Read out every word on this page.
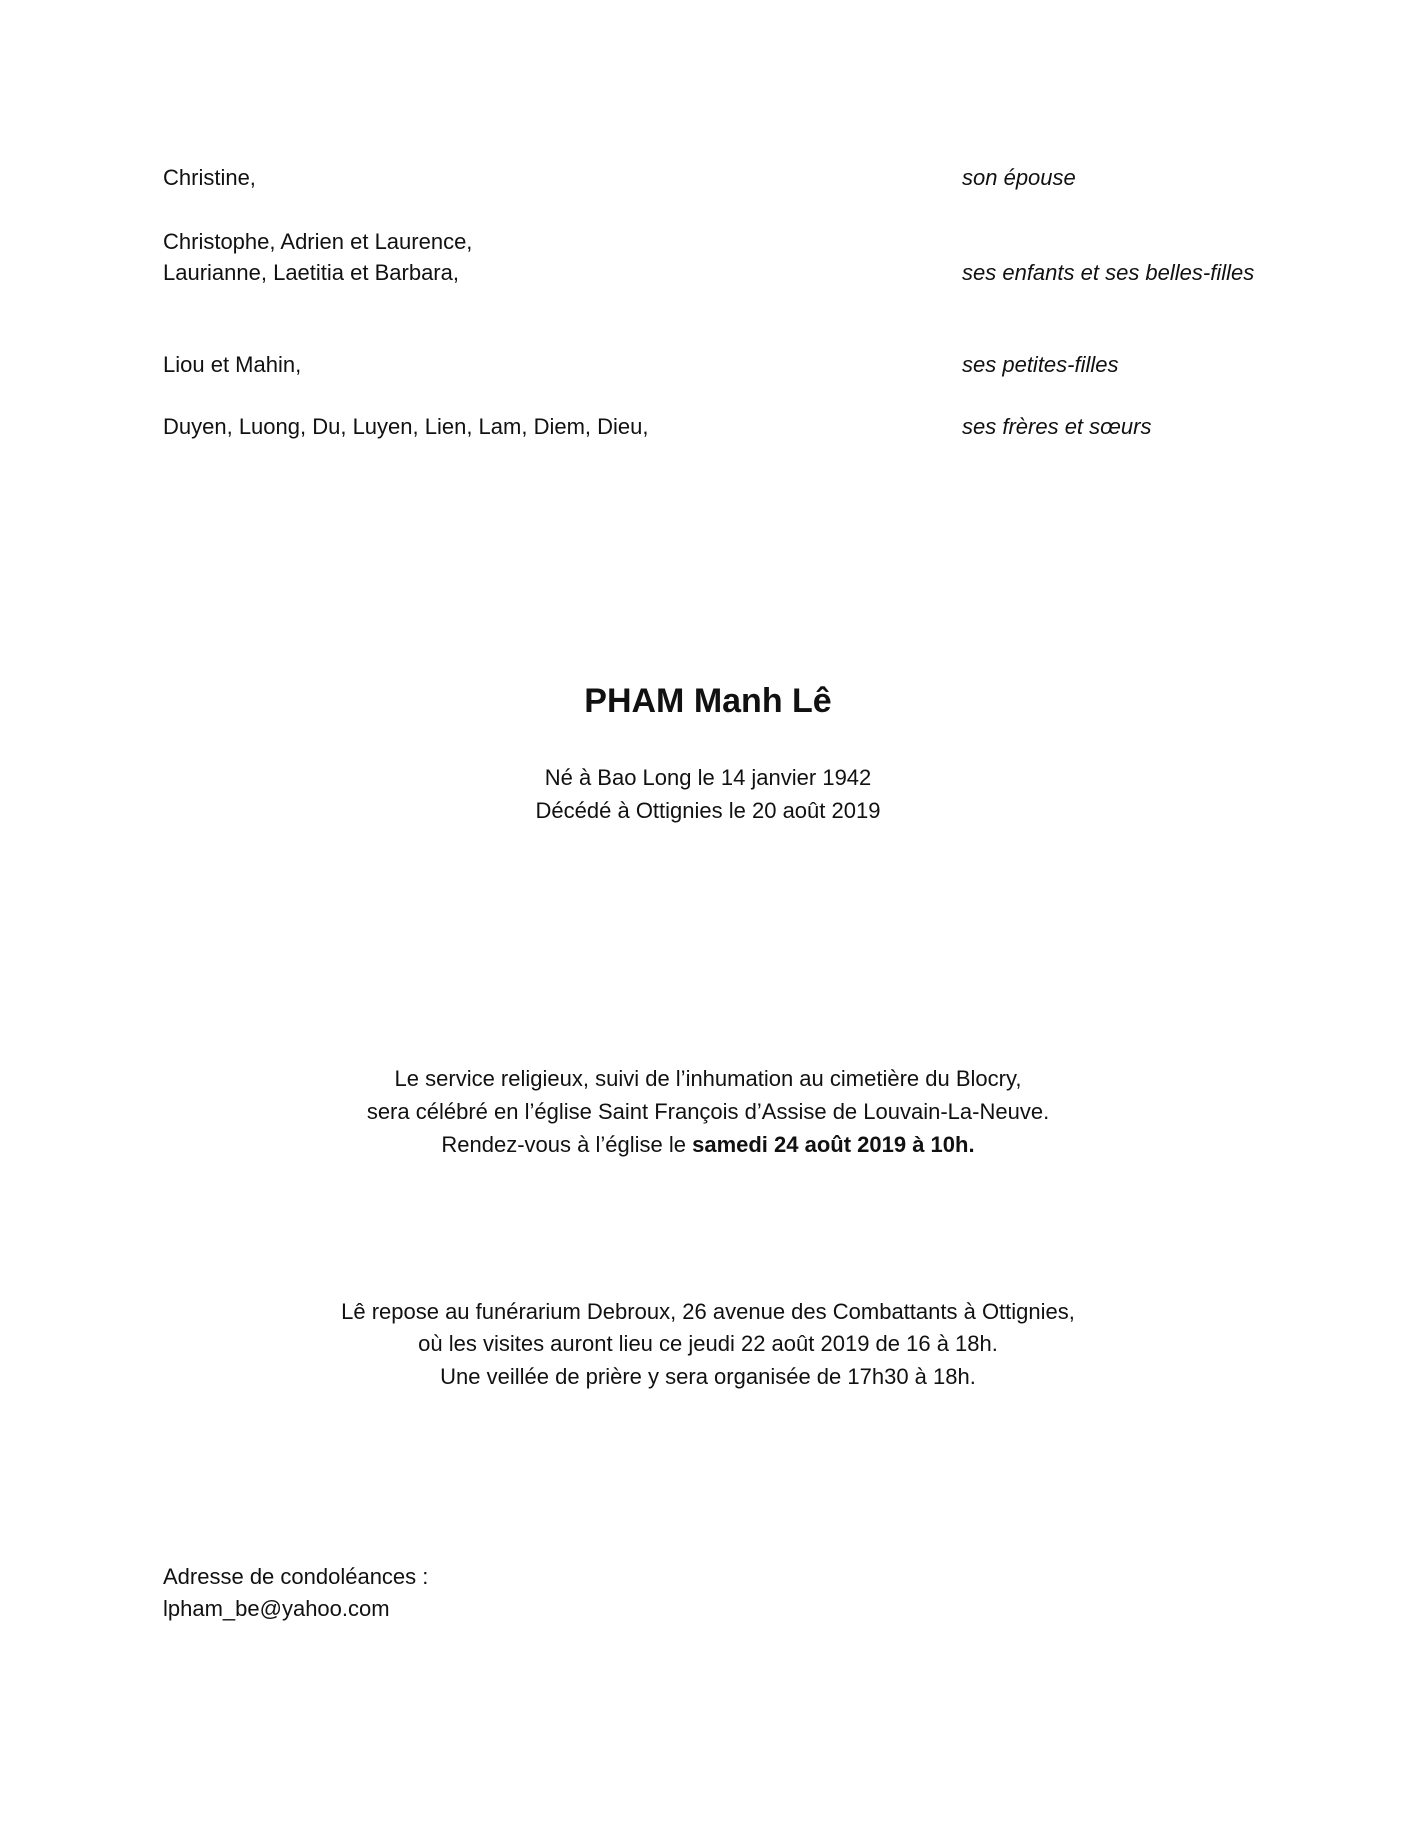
Christine,	son épouse
Christophe, Adrien et Laurence,
Laurianne, Laetitia et Barbara,	ses enfants et ses belles-filles
Liou et Mahin,	ses petites-filles
Duyen, Luong, Du, Luyen, Lien, Lam, Diem, Dieu,	ses frères et sœurs
PHAM Manh Lê
Né à Bao Long le 14 janvier 1942
Décédé à Ottignies le 20 août 2019
Le service religieux, suivi de l’inhumation au cimetière du Blocry,
sera célébré en l’église Saint François d’Assise de Louvain-La-Neuve.
Rendez-vous à l’église le samedi 24 août 2019 à 10h.
Lê repose au funérarium Debroux, 26 avenue des Combattants à Ottignies,
où les visites auront lieu ce jeudi 22 août 2019 de 16 à 18h.
Une veillée de prière y sera organisée de 17h30 à 18h.
Adresse de condoléances :
lpham_be@yahoo.com
